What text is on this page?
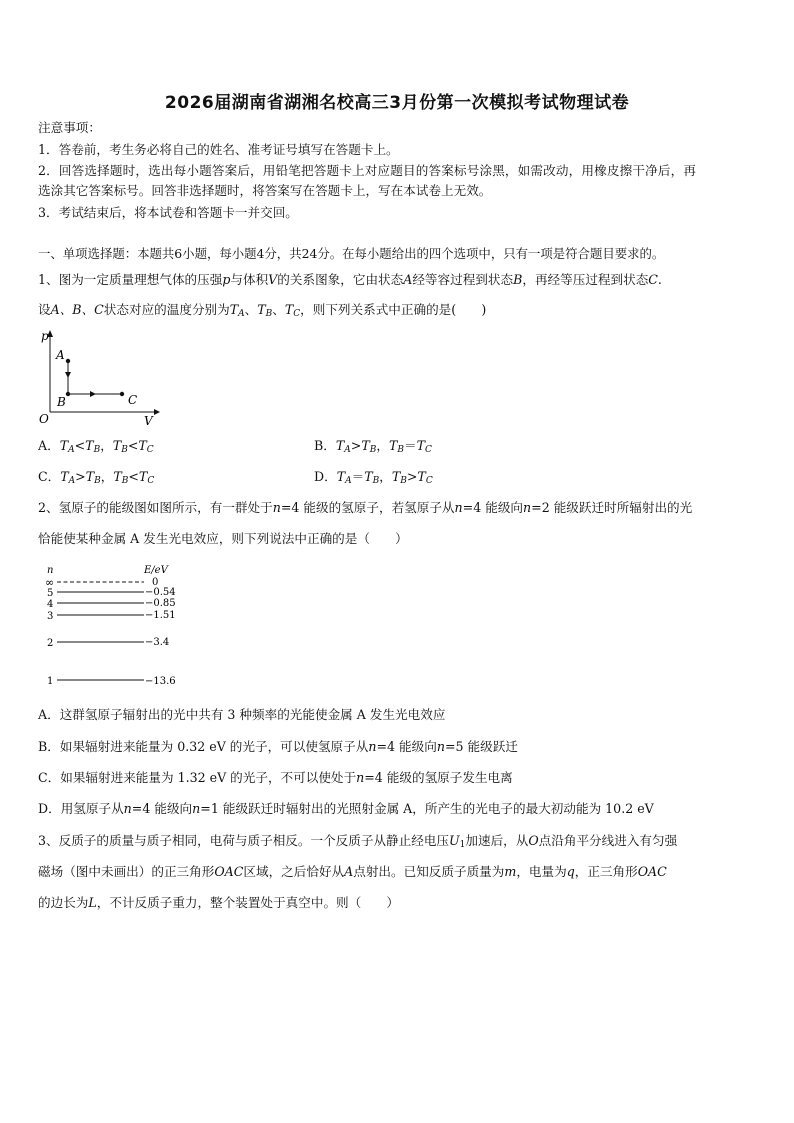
2026届湖南省湖湘名校高三3月份第一次模拟考试物理试卷
注意事项：
1．答卷前，考生务必将自己的姓名、准考证号填写在答题卡上。
2．回答选择题时，选出每小题答案后，用铅笔把答题卡上对应题目的答案标号涂黑，如需改动，用橡皮擦干净后，再
选涂其它答案标号。回答非选择题时，将答案写在答题卡上，写在本试卷上无效。
3．考试结束后，将本试卷和答题卡一并交回。
一、单项选择题：本题共6小题，每小题4分，共24分。在每小题给出的四个选项中，只有一项是符合题目要求的。
1、图为一定质量理想气体的压强p与体积V的关系图象，它由状态A经等容过程到状态B，再经等压过程到状态C.
设A、B、C状态对应的温度分别为$T_A$、$T_B$、$T_C$，则下列关系式中正确的是(　　)
p
V
O
A
B	C
A．$T_A<T_B$，$T_B<T_C$	B．$T_A>T_B$，$T_B=T_C$
C．$T_A>T_B$，$T_B<T_C$	D．$T_A=T_B$，$T_B>T_C$
2、氢原子的能级图如图所示，有一群处于n=4 能级的氢原子，若氢原子从n=4 能级向n=2 能级跃迁时所辐射出的光
恰能使某种金属 A 发生光电效应，则下列说法中正确的是（　　）
n	E/eV
∞	0
5	−0.54
4	−0.85
3	−1.51
2	−3.4
1	−13.6
A．这群氢原子辐射出的光中共有 3 种频率的光能使金属 A 发生光电效应
B．如果辐射进来能量为 0.32 eV 的光子，可以使氢原子从n=4 能级向n=5 能级跃迁
C．如果辐射进来能量为 1.32 eV 的光子，不可以使处于n=4 能级的氢原子发生电离
D．用氢原子从n=4 能级向n=1 能级跃迁时辐射出的光照射金属 A，所产生的光电子的最大初动能为 10.2 eV
3、反质子的质量与质子相同，电荷与质子相反。一个反质子从静止经电压$U_1$加速后，从O点沿角平分线进入有匀强
磁场（图中未画出）的正三角形OAC区域，之后恰好从A点射出。已知反质子质量为m，电量为q，正三角形OAC
的边长为L，不计反质子重力，整个装置处于真空中。则（　　）
